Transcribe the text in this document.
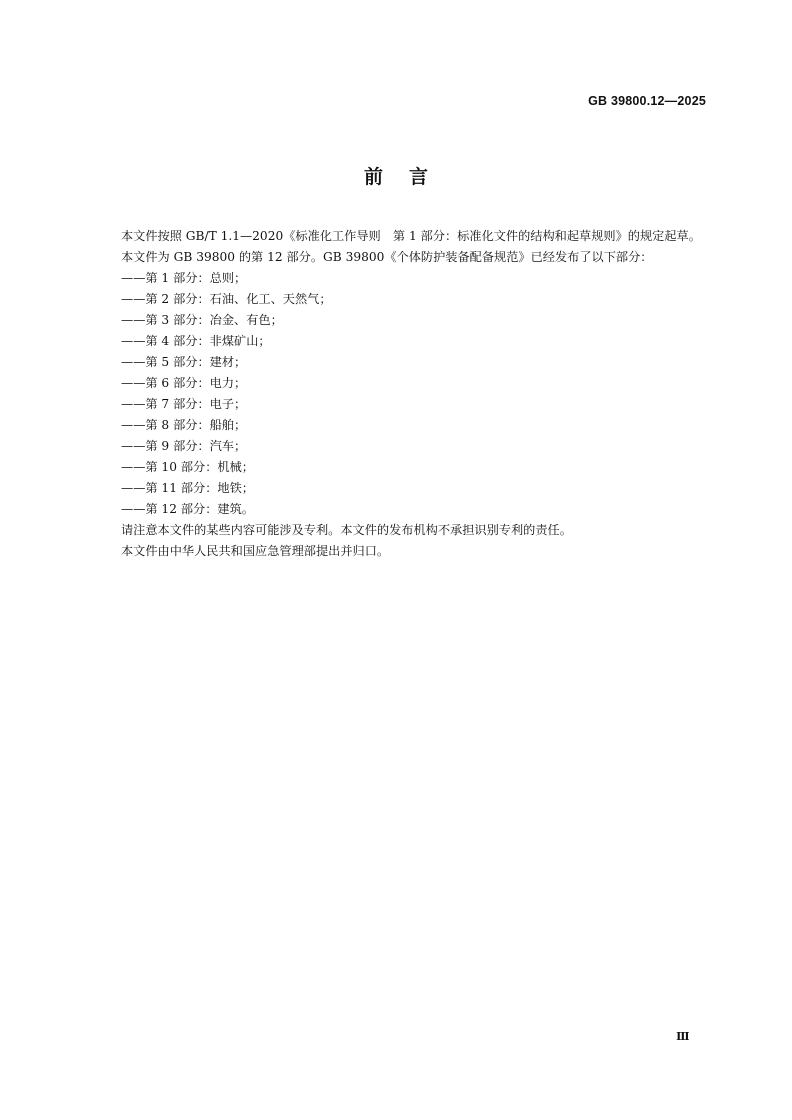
GB 39800.12—2025
前言

本文件按照 GB/T 1.1—2020《标准化工作导则　第 1 部分：标准化文件的结构和起草规则》的规定起草。

本文件为 GB 39800 的第 12 部分。GB 39800《个体防护装备配备规范》已经发布了以下部分：

——第 1 部分：总则；
——第 2 部分：石油、化工、天然气；
——第 3 部分：冶金、有色；
——第 4 部分：非煤矿山；
——第 5 部分：建材；
——第 6 部分：电力；
——第 7 部分：电子；
——第 8 部分：船舶；
——第 9 部分：汽车；
——第 10 部分：机械；
——第 11 部分：地铁；
——第 12 部分：建筑。

请注意本文件的某些内容可能涉及专利。本文件的发布机构不承担识别专利的责任。

本文件由中华人民共和国应急管理部提出并归口。

Ⅲ
